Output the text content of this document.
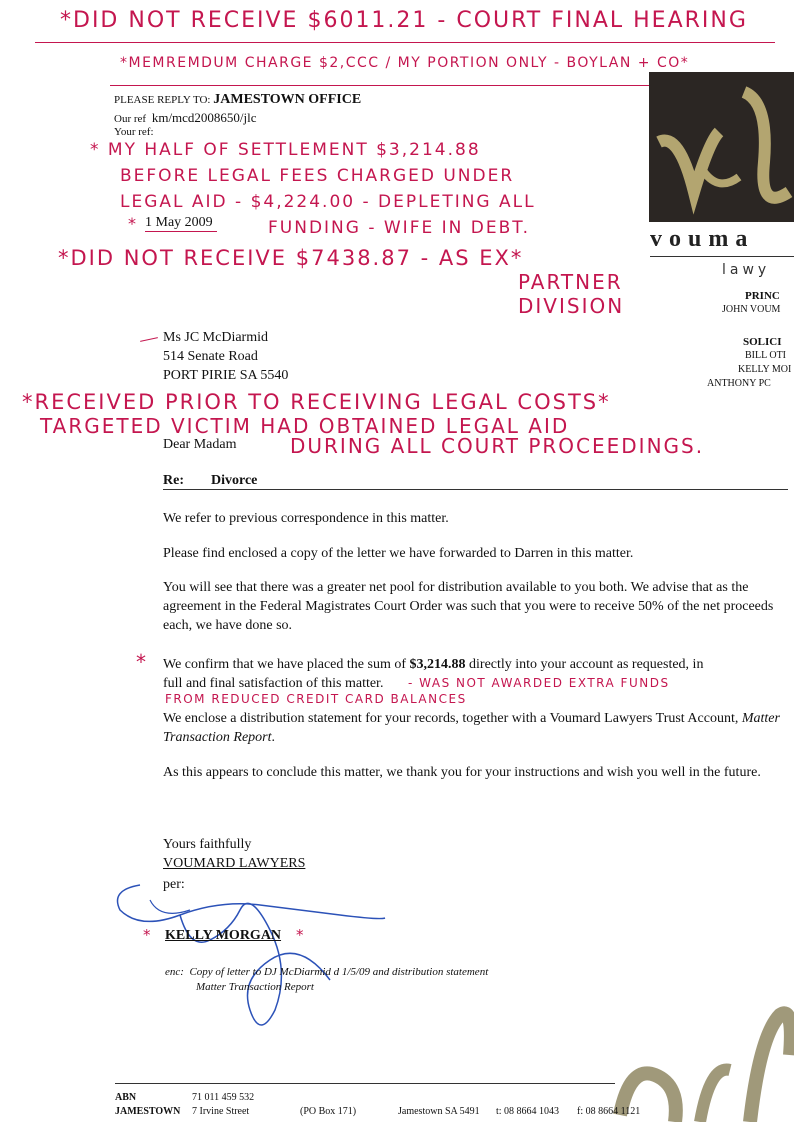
*DID NOT RECEIVE $6011.21 - COURT FINAL HEARING
*MEMREMDUM CHARGE $2,CCC / MY PORTION ONLY - BOYLAN + CO*
vouma
lawy
PRINC
JOHN VOUM
SOLICI
BILL OTI
KELLY MOI
ANTHONY PC
PLEASE REPLY TO: JAMESTOWN OFFICE
Our ref km/mcd2008650/jlc
Your ref:
* MY HALF OF SETTLEMENT $3,214.88
BEFORE LEGAL FEES CHARGED UNDER
LEGAL AID - $4,224.00 - DEPLETING ALL
* 1 May 2009	FUNDING - WIFE IN DEBT.
*DID NOT RECEIVE $7438.87 - AS EX*
PARTNER
DIVISION
Ms JC McDiarmid
514 Senate Road
PORT PIRIE SA 5540
*RECEIVED PRIOR TO RECEIVING LEGAL COSTS*
TARGETED VICTIM HAD OBTAINED LEGAL AID
DURING ALL COURT PROCEEDINGS.
Dear Madam
Re: Divorce
We refer to previous correspondence in this matter.
Please find enclosed a copy of the letter we have forwarded to Darren in this matter.
You will see that there was a greater net pool for distribution available to you both. We advise that as the agreement in the Federal Magistrates Court Order was such that you were to receive 50% of the net proceeds each, we have done so.
* We confirm that we have placed the sum of $3,214.88 directly into your account as requested, in
full and final satisfaction of this matter.	- WAS NOT AWARDED EXTRA FUNDS
FROM REDUCED CREDIT CARD BALANCES
We enclose a distribution statement for your records, together with a Voumard Lawyers Trust Account, Matter Transaction Report.
As this appears to conclude this matter, we thank you for your instructions and wish you well in the future.
Yours faithfully
VOUMARD LAWYERS
per:
* KELLY MORGAN *
enc: Copy of letter to DJ McDiarmid d 1/5/09 and distribution statement
Matter Transaction Report
ABN	71 011 459 532
JAMESTOWN 7 Irvine Street	(PO Box 171)	Jamestown SA 5491 t: 08 8664 1043 f: 08 8664 1121
